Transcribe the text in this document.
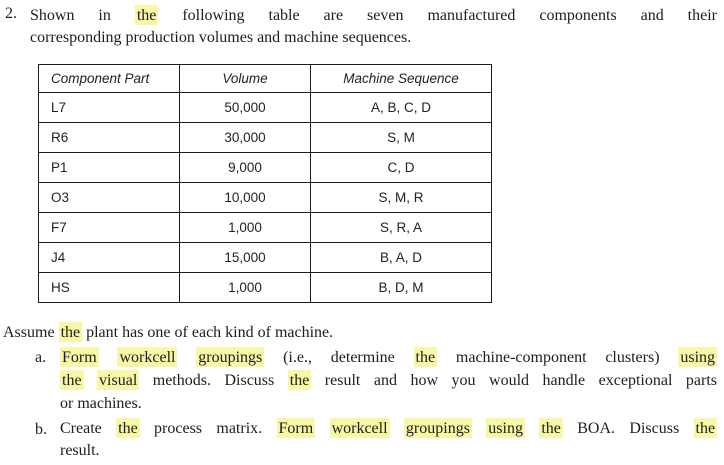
2. Shown in the following table are seven manufactured components and their
corresponding production volumes and machine sequences.
Component Part	Volume	Machine Sequence
L7	50,000	A, B, C, D
R6	30,000	S, M
P1	9,000	C, D
O3	10,000	S, M, R
F7	1,000	S, R, A
J4	15,000	B, A, D
HS	1,000	B, D, M
Assume the plant has one of each kind of machine.
a. Form workcell groupings (i.e., determine the machine-component clusters) using
the visual methods. Discuss the result and how you would handle exceptional parts
or machines.
b. Create the process matrix. Form workcell groupings using the BOA. Discuss the
result.
